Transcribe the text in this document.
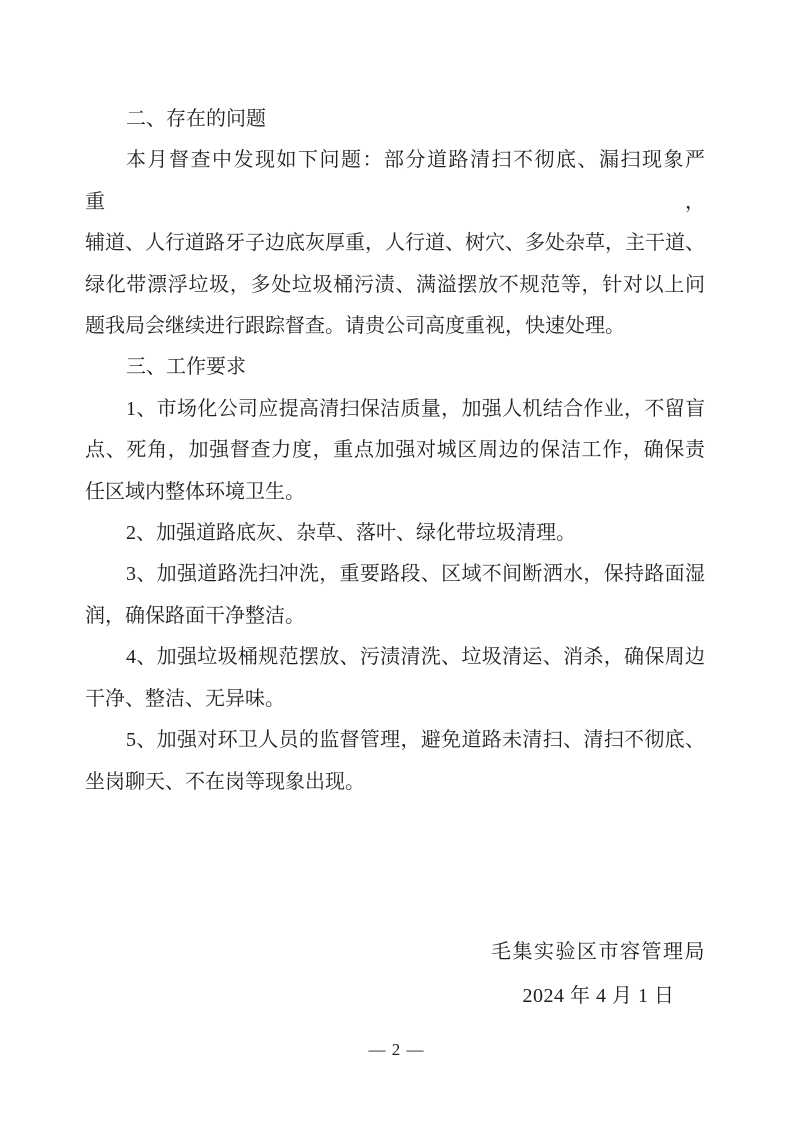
二、存在的问题
本月督查中发现如下问题：部分道路清扫不彻底、漏扫现象严重，
辅道、人行道路牙子边底灰厚重，人行道、树穴、多处杂草，主干道、
绿化带漂浮垃圾，多处垃圾桶污渍、满溢摆放不规范等，针对以上问
题我局会继续进行跟踪督查。请贵公司高度重视，快速处理。
三、工作要求
1、市场化公司应提高清扫保洁质量，加强人机结合作业，不留盲
点、死角，加强督查力度，重点加强对城区周边的保洁工作，确保责
任区域内整体环境卫生。
2、加强道路底灰、杂草、落叶、绿化带垃圾清理。
3、加强道路洗扫冲洗，重要路段、区域不间断洒水，保持路面湿
润，确保路面干净整洁。
4、加强垃圾桶规范摆放、污渍清洗、垃圾清运、消杀，确保周边
干净、整洁、无异味。
5、加强对环卫人员的监督管理，避免道路未清扫、清扫不彻底、
坐岗聊天、不在岗等现象出现。
毛集实验区市容管理局
2024 年 4 月 1 日
— 2 —
